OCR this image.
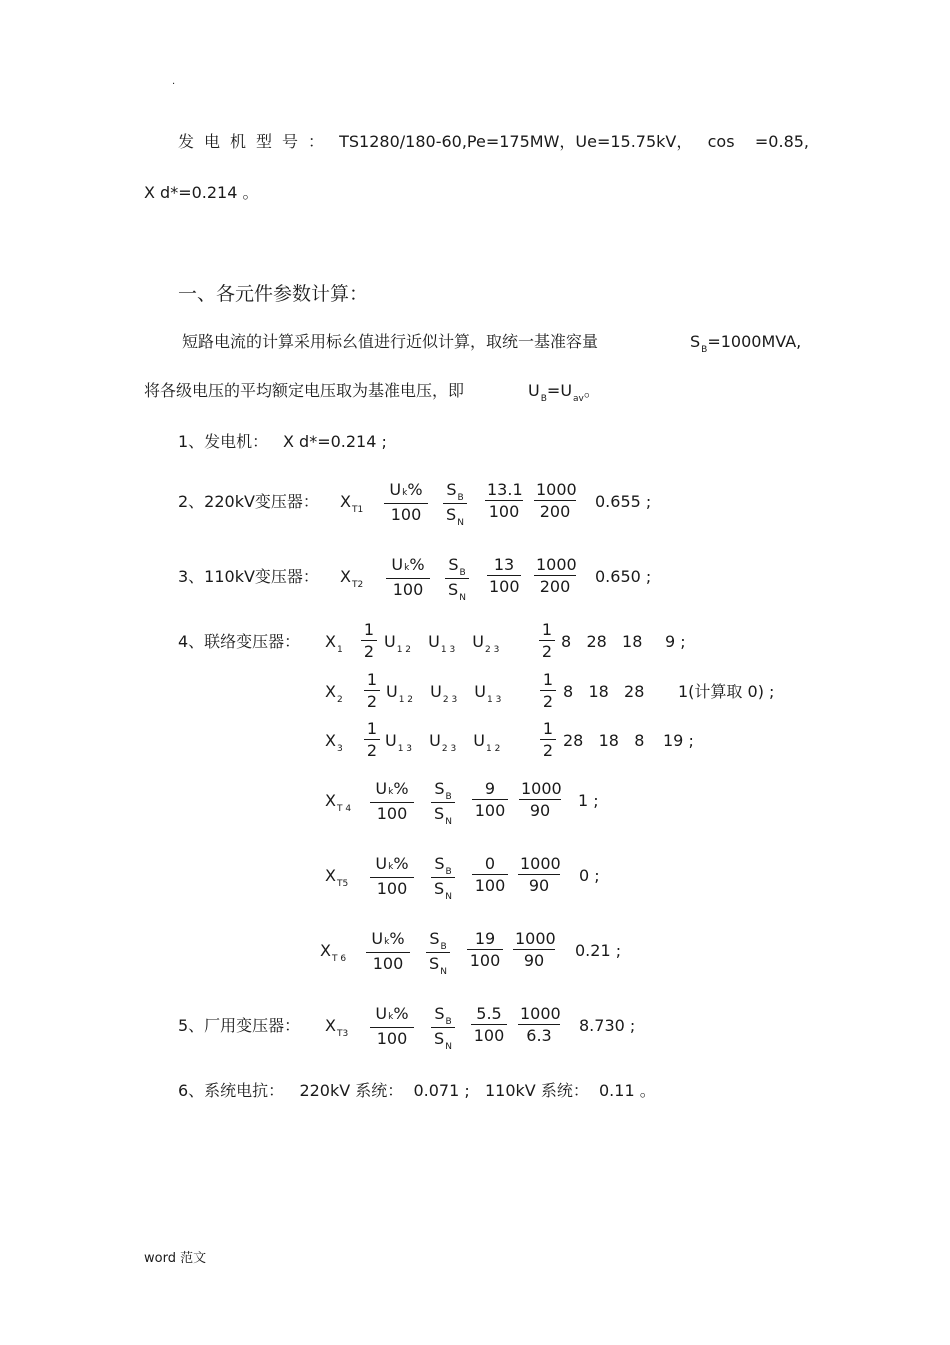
.
发电机型号： TS1280/180-60,Pe=175MW，Ue=15.75kV，   cos    =0.85,
X d*=0.214 。
一、各元件参数计算：
短路电流的计算采用标幺值进行近似计算，取统一基准容量	$S_B=1000MVA$,
将各级电压的平均额定电压取为基准电压，即	$U_B=U_{av}$。
1、发电机： X d*=0.214 ;
2、220kV变压器： $X_{T1} \frac{Uk\%}{100} \frac{S_B}{S_N} \frac{13.1}{100} \frac{1000}{200} 0.655$ ;
3、110kV变压器： $X_{T2} \frac{Uk\%}{100} \frac{S_B}{S_N} \frac{13}{100} \frac{1000}{200} 0.650$ ;
4、联络变压器： $X_1 \frac{1}{2} U_{1 2}$ $U_{1 3}$ $U_{2 3} \frac{1}{2} 8$   28   18 9 ;
$X_2 \frac{1}{2} U_{1 2}$ $U_{2 3}$ $U_{1 3} \frac{1}{2} 8$   18   28 1(计算取 0) ;
$X_3 \frac{1}{2} U_{1 3}$ $U_{2 3}$ $U_{1 2} \frac{1}{2} 28$   18   8 19 ;
$X_{T 4} \frac{Uk\%}{100} \frac{S_B}{S_N} \frac{9}{100} \frac{1000}{90} 1$ ;
$X_{T5} \frac{Uk\%}{100} \frac{S_B}{S_N} \frac{0}{100} \frac{1000}{90} 0$ ;
$X_{T 6} \frac{Uk\%}{100} \frac{S_B}{S_N} \frac{19}{100} \frac{1000}{90} 0.21$ ;
5、厂用变压器： $X_{T3} \frac{Uk\%}{100} \frac{S_B}{S_N} \frac{5.5}{100} \frac{1000}{6.3} 8.730$ ;
6、系统电抗：   220kV 系统：  0.071 ;   110kV 系统：  0.11 。
word 范文
